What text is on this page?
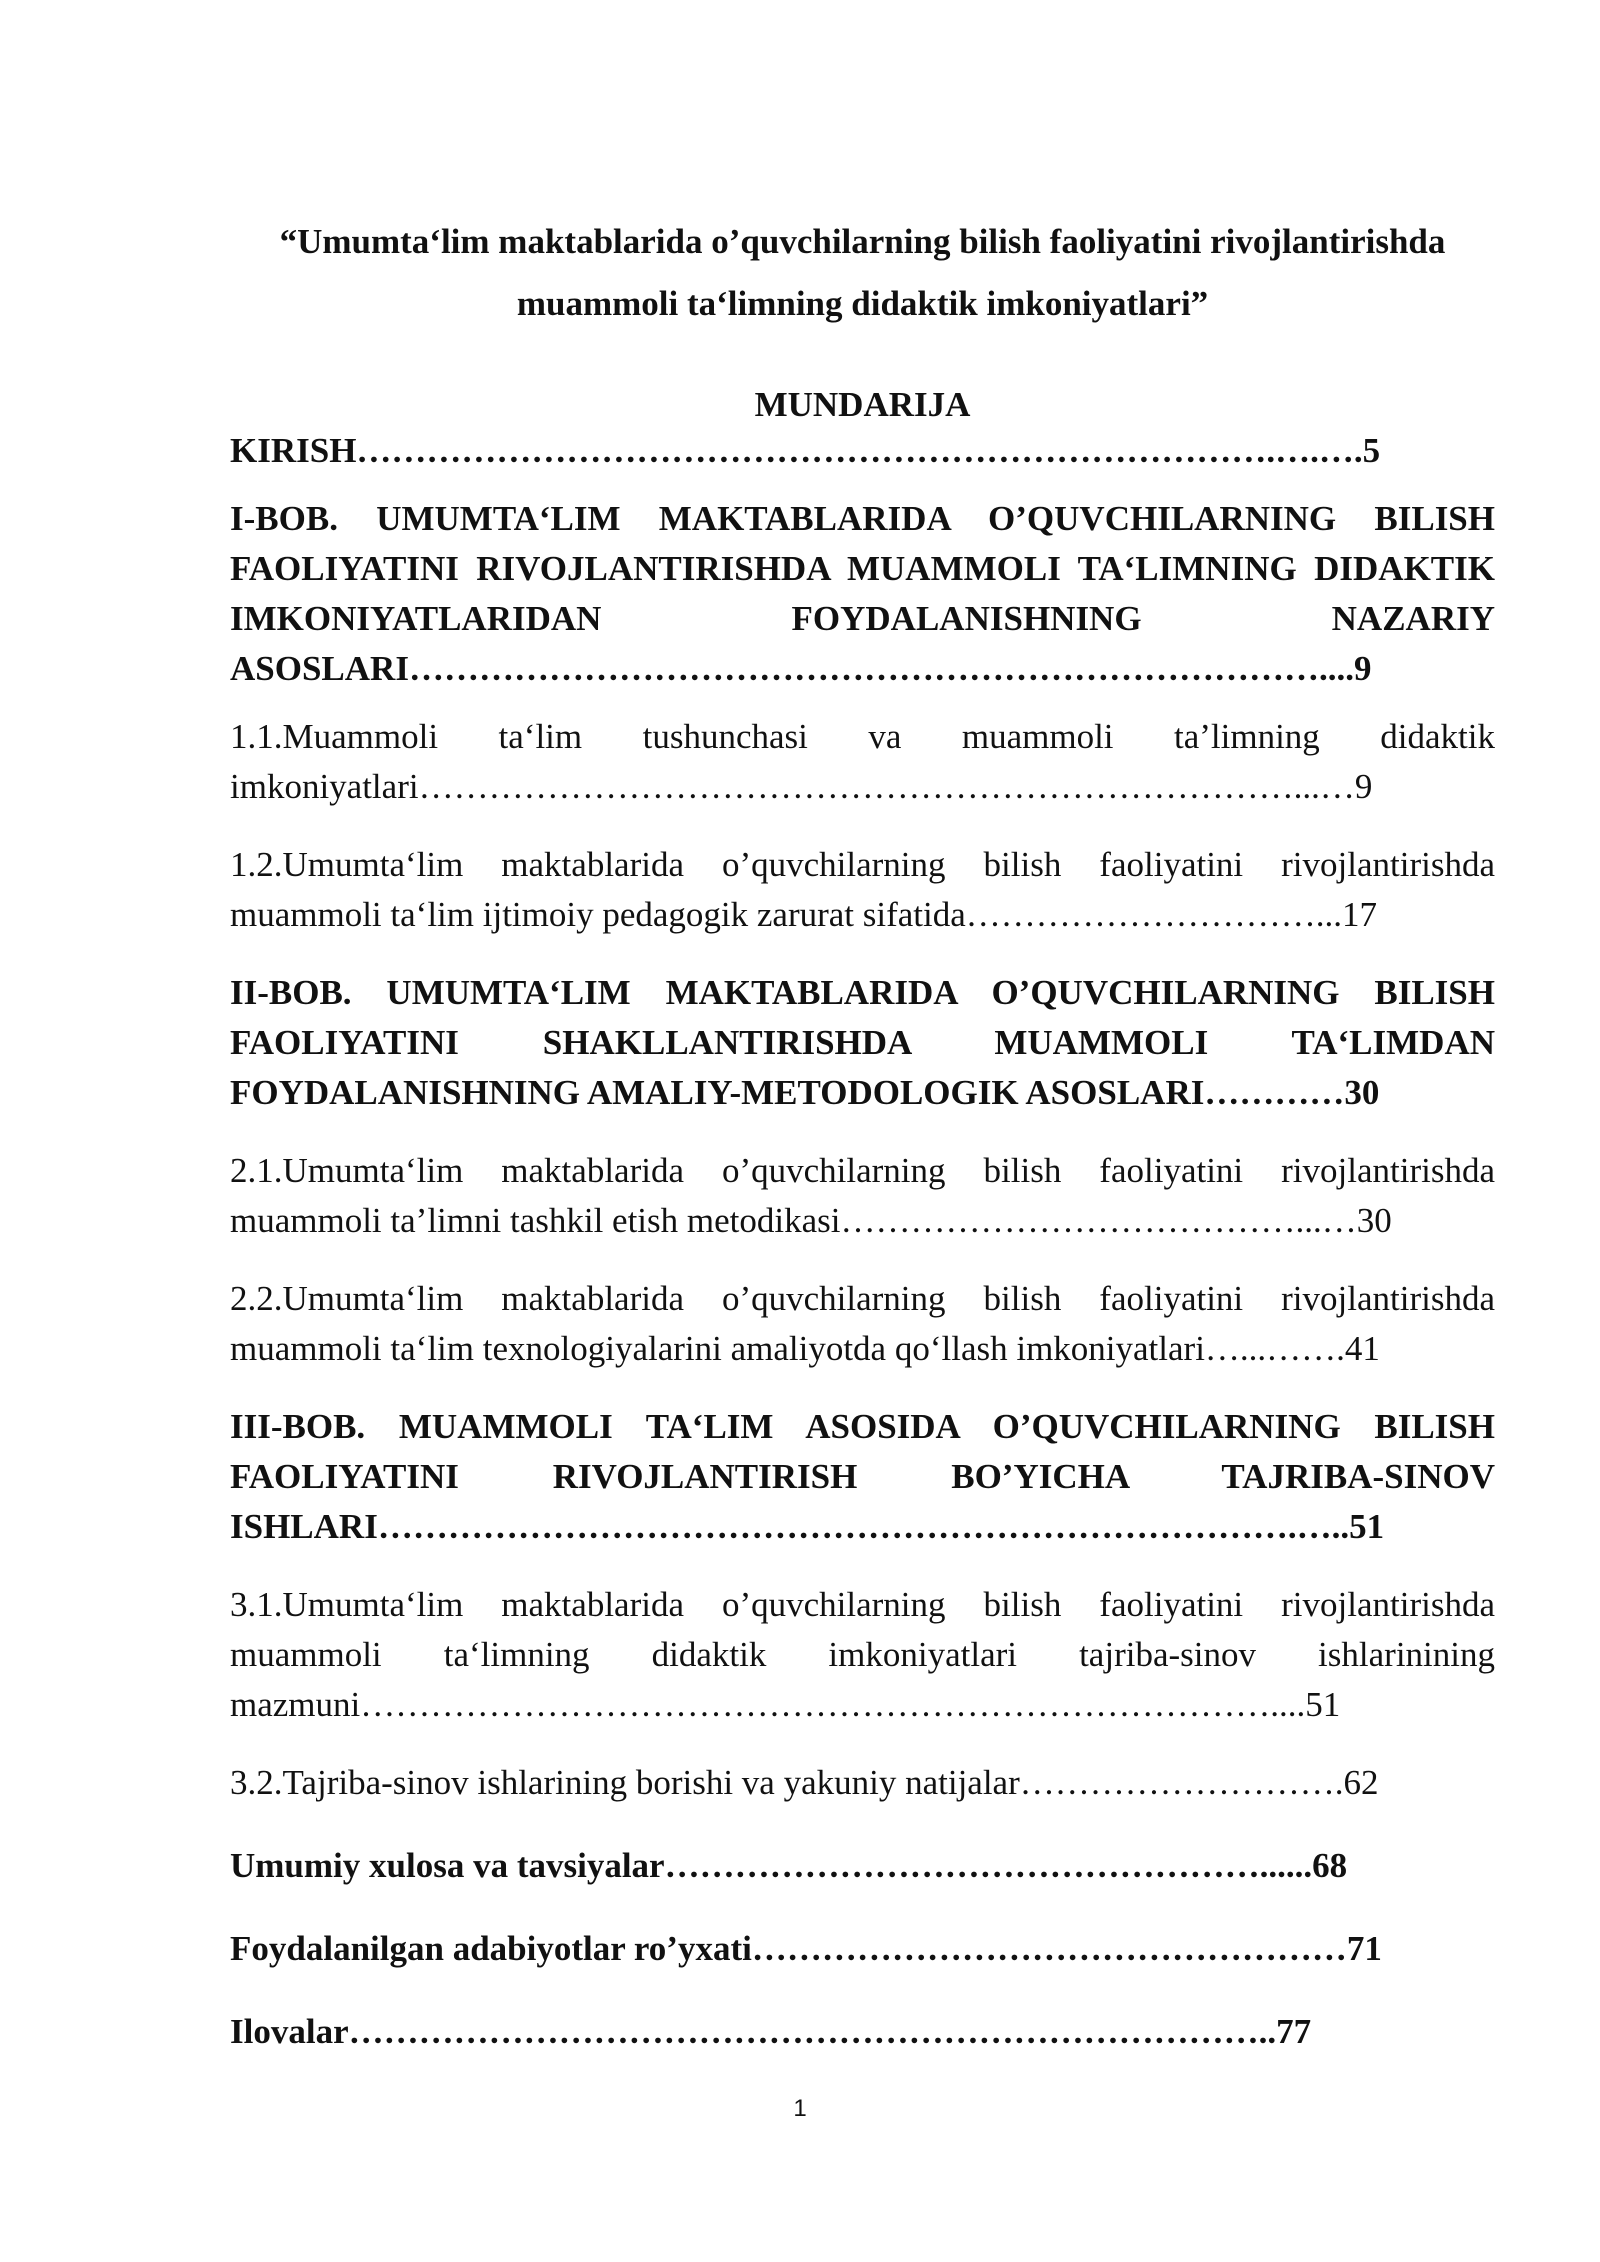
“Umumta‘lim maktablarida o’quvchilarning bilish faoliyatini rivojlantirishda
muammoli ta‘limning didaktik imkoniyatlari”

MUNDARIJA

KIRISH…………………………………………………………………….….….5

I-BOB. UMUMTA‘LIM MAKTABLARIDA O’QUVCHILARNING BILISH FAOLIYATINI RIVOJLANTIRISHDA MUAMMOLI TA‘LIMNING DIDAKTIK IMKONIYATLARIDAN FOYDALANISHNING NAZARIY ASOSLARI……………………………………………………………………....9

1.1.Muammoli ta‘lim tushunchasi va muammoli ta’limning didaktik imkoniyatlari…………………………………………………………………...…9

1.2.Umumta‘lim maktablarida o’quvchilarning bilish faoliyatini rivojlantirishda muammoli ta‘lim ijtimoiy pedagogik zarurat sifatida…………………………...17

II-BOB. UMUMTA‘LIM MAKTABLARIDA O’QUVCHILARNING BILISH FAOLIYATINI SHAKLLANTIRISHDA MUAMMOLI TA‘LIMDAN FOYDALANISHNING AMALIY-METODOLOGIK ASOSLARI…………30

2.1.Umumta‘lim maktablarida o’quvchilarning bilish faoliyatini rivojlantirishda muammoli ta’limni tashkil etish metodikasi…………………………………...…30

2.2.Umumta‘lim maktablarida o’quvchilarning bilish faoliyatini rivojlantirishda muammoli ta‘lim texnologiyalarini amaliyotda qo‘llash imkoniyatlari…...…….41

III-BOB. MUAMMOLI TA‘LIM ASOSIDA O’QUVCHILARNING BILISH FAOLIYATINI RIVOJLANTIRISH BO’YICHA TAJRIBA-SINOV ISHLARI…………………………………………………………………….…..51

3.1.Umumta‘lim maktablarida o’quvchilarning bilish faoliyatini rivojlantirishda muammoli ta‘limning didaktik imkoniyatlari tajriba-sinov ishlarinining mazmuni……………………………………………………………………....51

3.2.Tajriba-sinov ishlarining borishi va yakuniy natijalar……………………….62

Umumiy xulosa va tavsiyalar……………………………………………......68

Foydalanilgan adabiyotlar ro’yxati……………………………………………71

Ilovalar……………………………………………………………………..77

1
